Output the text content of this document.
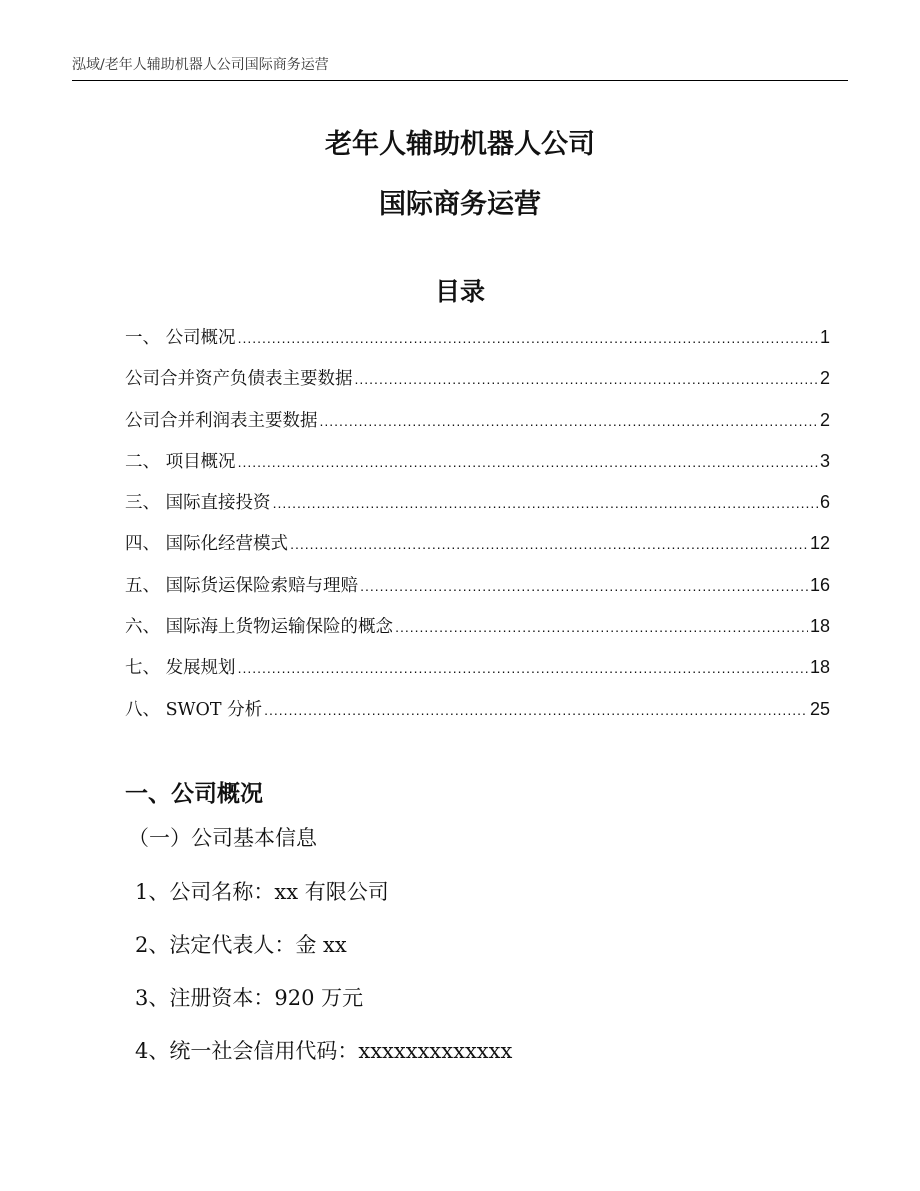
泓域/老年人辅助机器人公司国际商务运营
老年人辅助机器人公司
国际商务运营
目录
一、 公司概况 .....	1
公司合并资产负债表主要数据 .....	2
公司合并利润表主要数据 .....	2
二、 项目概况 .....	3
三、 国际直接投资 .....	6
四、 国际化经营模式 .....	12
五、 国际货运保险索赔与理赔 .....	16
六、 国际海上货物运输保险的概念 .....	18
七、 发展规划 .....	18
八、 SWOT 分析 .....	25
一、公司概况
（一）公司基本信息
1、公司名称：xx 有限公司
2、法定代表人：金 xx
3、注册资本：920 万元
4、统一社会信用代码：xxxxxxxxxxxxx
